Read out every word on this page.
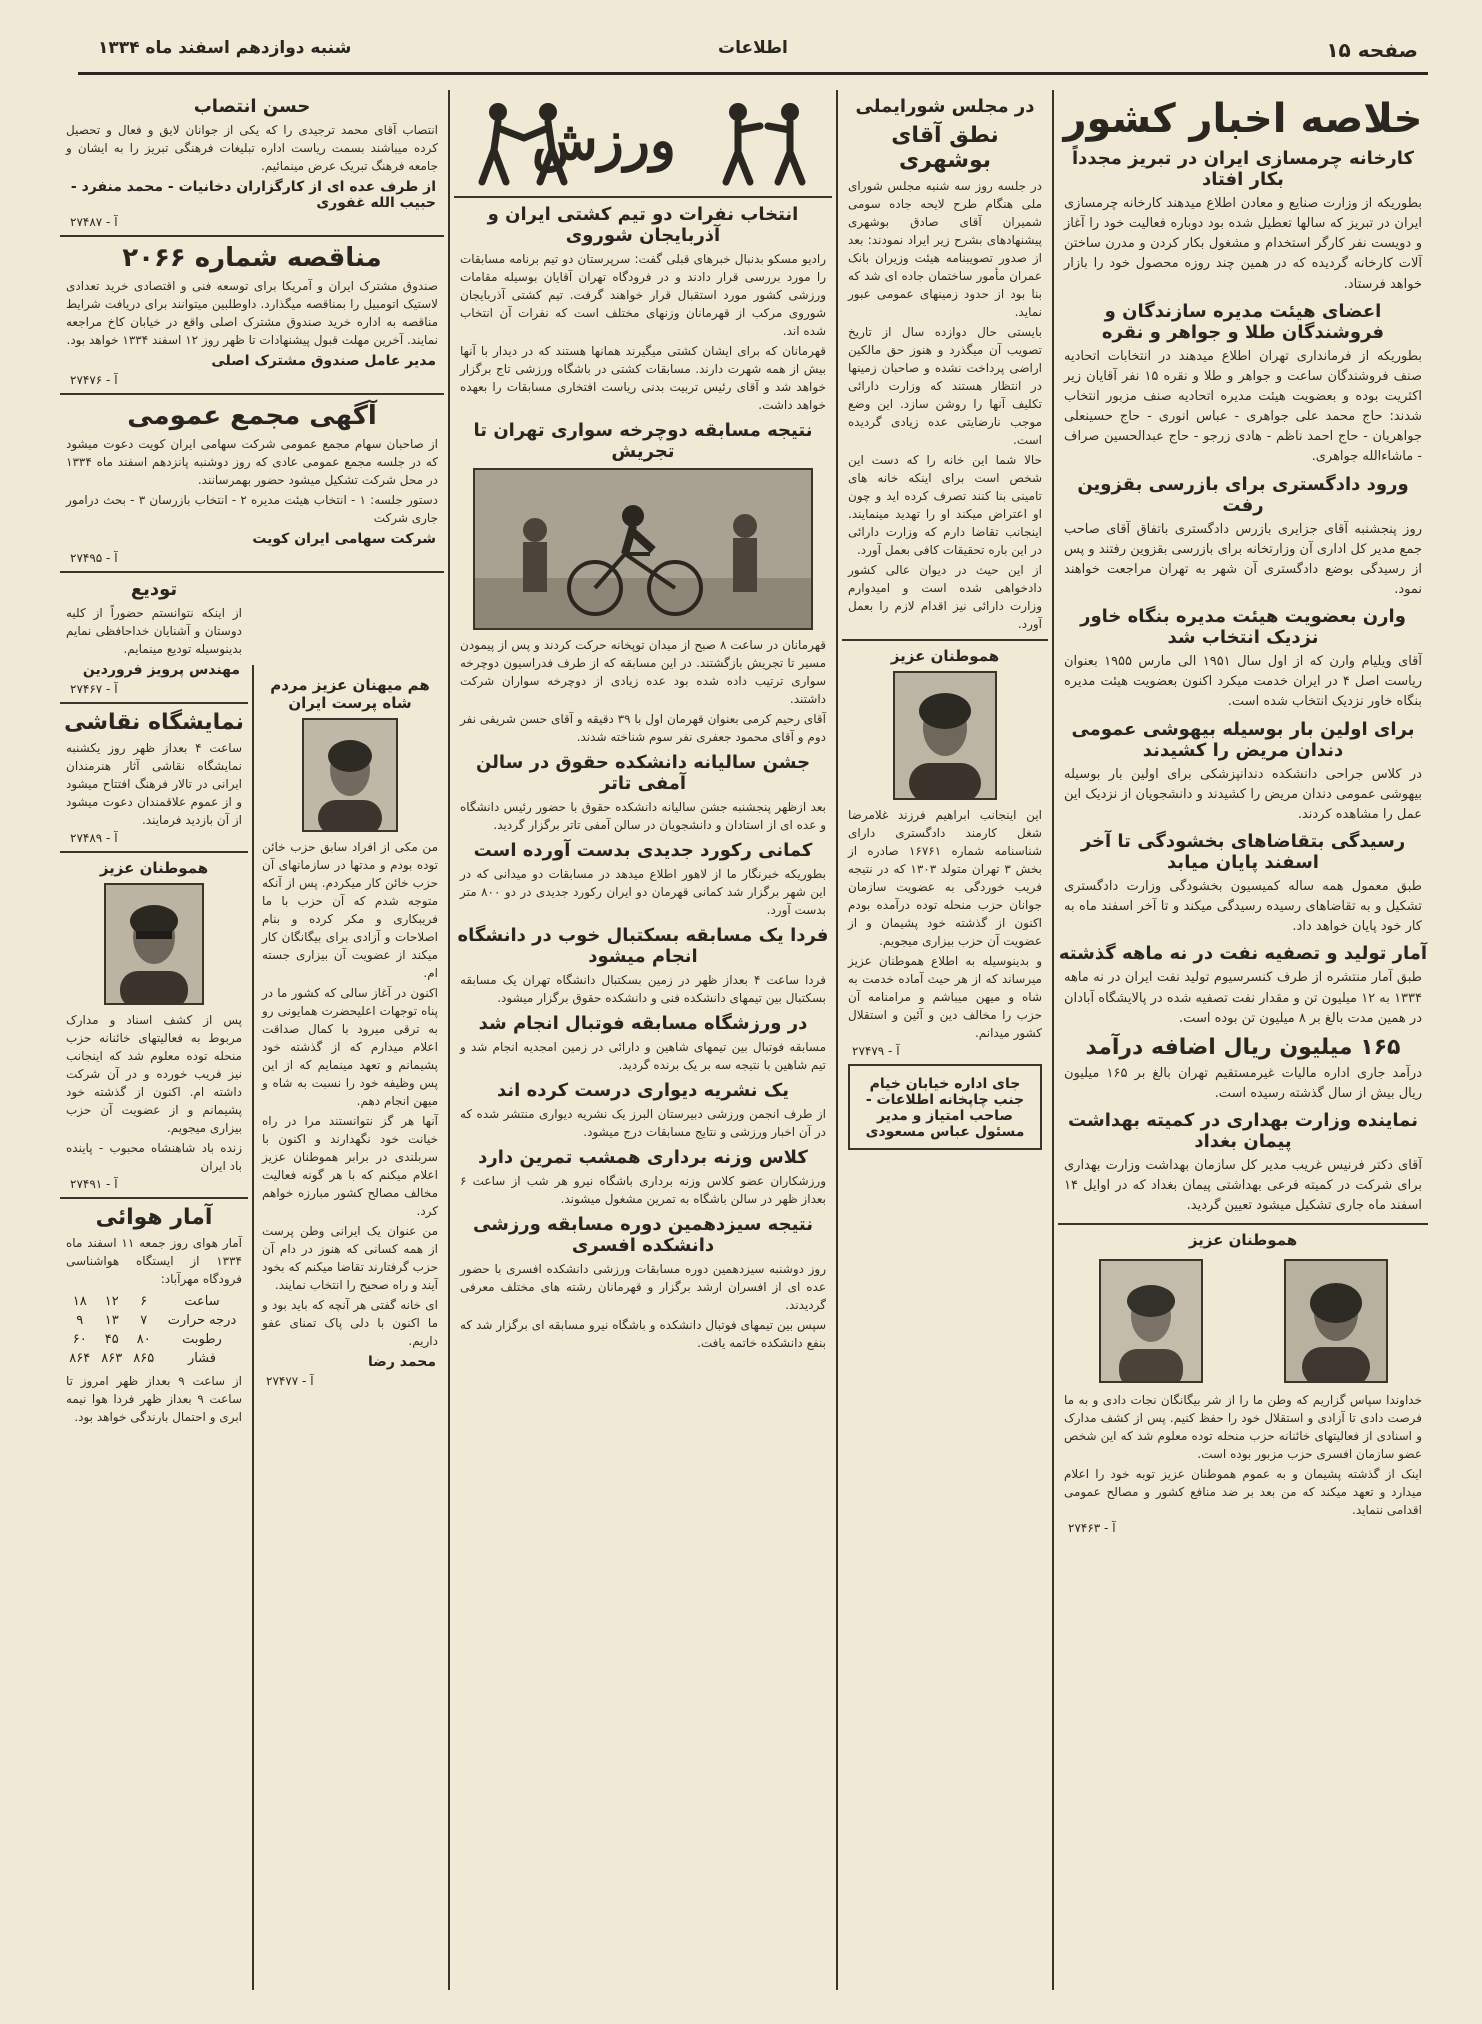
شنبه دوازدهم اسفند ماه ۱۳۳۴	اطلاعات	صفحه ۱۵
خلاصه اخبار کشور
کارخانه چرمسازی ایران در تبریز مجدداً بکار افتاد
بطوریکه از وزارت صنایع و معادن اطلاع میدهند کارخانه چرمسازی ایران در تبریز که سالها تعطیل شده بود دوباره فعالیت خود را آغاز و دویست نفر کارگر استخدام و مشغول بکار کردن و مدرن ساختن آلات کارخانه گردیده که در همین چند روزه محصول خود را بازار خواهد فرستاد.
اعضای هیئت مدیره سازندگان و فروشندگان طلا و جواهر و نقره
بطوریکه از فرمانداری تهران اطلاع میدهند در انتخابات اتحادیه صنف فروشندگان ساعت و جواهر و طلا و نقره ۱۵ نفر آقایان زیر اکثریت بوده و بعضویت هیئت مدیره اتحادیه صنف مزبور انتخاب شدند: حاج محمد علی جواهری - عباس انوری - حاج حسینعلی جواهریان - حاج احمد ناظم - هادی زرجو - حاج عبدالحسین صراف - ماشاءالله جواهری.
ورود دادگستری برای بازرسی بقزوین رفت
روز پنجشنبه آقای جزایری بازرس دادگستری باتفاق آقای صاحب جمع مدیر کل اداری آن وزارتخانه برای بازرسی بقزوین رفتند و پس از رسیدگی بوضع دادگستری آن شهر به تهران مراجعت خواهند نمود.
وارن بعضویت هیئت مدیره بنگاه خاور نزدیک انتخاب شد
آقای ویلیام وارن که از اول سال ۱۹۵۱ الی مارس ۱۹۵۵ بعنوان ریاست اصل ۴ در ایران خدمت میکرد اکنون بعضویت هیئت مدیره بنگاه خاور نزدیک انتخاب شده است.
برای اولین بار بوسیله بیهوشی عمومی دندان مریض را کشیدند
در کلاس جراحی دانشکده دندانپزشکی برای اولین بار بوسیله بیهوشی عمومی دندان مریض را کشیدند و دانشجویان از نزدیک این عمل را مشاهده کردند.
رسیدگی بتقاضاهای بخشودگی تا آخر اسفند پایان میابد
طبق معمول همه ساله کمیسیون بخشودگی وزارت دادگستری تشکیل و به تقاضاهای رسیده رسیدگی میکند و تا آخر اسفند ماه به کار خود پایان خواهد داد.
آمار تولید و تصفیه نفت در نه ماهه گذشته
طبق آمار منتشره از طرف کنسرسیوم تولید نفت ایران در نه ماهه ۱۳۳۴ به ۱۲ میلیون تن و مقدار نفت تصفیه شده در پالایشگاه آبادان در همین مدت بالغ بر ۸ میلیون تن بوده است.
۱۶۵ میلیون ریال اضافه درآمد
درآمد جاری اداره مالیات غیرمستقیم تهران بالغ بر ۱۶۵ میلیون ریال بیش از سال گذشته رسیده است.
نماینده وزارت بهداری در کمیته بهداشت پیمان بغداد
آقای دکتر فرنیس غریب مدیر کل سازمان بهداشت وزارت بهداری برای شرکت در کمیته فرعی بهداشتی پیمان بغداد که در اوایل ۱۴ اسفند ماه جاری تشکیل میشود تعیین گردید.
هموطنان عزیز
خداوندا سپاس گزاریم که وطن ما را از شر بیگانگان نجات دادی و به ما فرصت دادی تا آزادی و استقلال خود را حفظ کنیم. پس از کشف مدارک و اسنادی از فعالیتهای خائنانه حزب منحله توده معلوم شد که این شخص عضو سازمان افسری حزب مزبور بوده است.
اینک از گذشته پشیمان و به عموم هموطنان عزیز توبه خود را اعلام میدارد و تعهد میکند که من بعد بر ضد منافع کشور و مصالح عمومی اقدامی ننماید.
آ - ۲۷۴۶۳
در مجلس شورایملی
نطق آقای بوشهری
در جلسه روز سه شنبه مجلس شورای ملی هنگام طرح لایحه جاده سومی شمیران آقای صادق بوشهری پیشنهادهای بشرح زیر ایراد نمودند: بعد از صدور تصویبنامه هیئت وزیران بانک عمران مأمور ساختمان جاده ای شد که بنا بود از حدود زمینهای عمومی عبور نماید.
بایستی حال دوازده سال از تاریخ تصویب آن میگذرد و هنوز حق مالکین اراضی پرداخت نشده و صاحبان زمینها در انتظار هستند که وزارت دارائی تکلیف آنها را روشن سازد. این وضع موجب نارضایتی عده زیادی گردیده است.
حالا شما این خانه را که دست این شخص است برای اینکه خانه های تامینی بنا کنند تصرف کرده اید و چون او اعتراض میکند او را تهدید مینمایند. اینجانب تقاضا دارم که وزارت دارائی در این باره تحقیقات کافی بعمل آورد.
از این حیث در دیوان عالی کشور دادخواهی شده است و امیدوارم وزارت دارائی نیز اقدام لازم را بعمل آورد.
هموطنان عزیز
این اینجانب ابراهیم فرزند غلامرضا شغل کارمند دادگستری دارای شناسنامه شماره ۱۶۷۶۱ صادره از بخش ۳ تهران متولد ۱۳۰۳ که در نتیجه فریب خوردگی به عضویت سازمان جوانان حزب منحله توده درآمده بودم اکنون از گذشته خود پشیمان و از عضویت آن حزب بیزاری میجویم.
و بدینوسیله به اطلاع هموطنان عزیز میرساند که از هر حیث آماده خدمت به شاه و میهن میباشم و مرامنامه آن حزب را مخالف دین و آئین و استقلال کشور میدانم.
آ - ۲۷۴۷۹
جای اداره خیابان خیام جنب چاپخانه اطلاعات - صاحب امتیاز و مدیر مسئول عباس مسعودی
ورزش
انتخاب نفرات دو تیم کشتی ایران و آذربایجان شوروی
رادیو مسکو بدنبال خبرهای قبلی گفت: سرپرستان دو تیم برنامه مسابقات را مورد بررسی قرار دادند و در فرودگاه تهران آقایان بوسیله مقامات ورزشی کشور مورد استقبال قرار خواهند گرفت. تیم کشتی آذربایجان شوروی مرکب از قهرمانان وزنهای مختلف است که نفرات آن انتخاب شده اند.
قهرمانان که برای ایشان کشتی میگیرند همانها هستند که در دیدار با آنها بیش از همه شهرت دارند. مسابقات کشتی در باشگاه ورزشی تاج برگزار خواهد شد و آقای رئیس تربیت بدنی ریاست افتخاری مسابقات را بعهده خواهد داشت.
نتیجه مسابقه دوچرخه سواری تهران تا تجریش
قهرمانان در ساعت ۸ صبح از میدان توپخانه حرکت کردند و پس از پیمودن مسیر تا تجریش بازگشتند. در این مسابقه که از طرف فدراسیون دوچرخه سواری ترتیب داده شده بود عده زیادی از دوچرخه سواران شرکت داشتند.
آقای رحیم کرمی بعنوان قهرمان اول با ۳۹ دقیقه و آقای حسن شریفی نفر دوم و آقای محمود جعفری نفر سوم شناخته شدند.
جشن سالیانه دانشکده حقوق در سالن آمفی تاتر
بعد ازظهر پنجشنبه جشن سالیانه دانشکده حقوق با حضور رئیس دانشگاه و عده ای از استادان و دانشجویان در سالن آمفی تاتر برگزار گردید.
کمانی رکورد جدیدی بدست آورده است
بطوریکه خبرنگار ما از لاهور اطلاع میدهد در مسابقات دو میدانی که در این شهر برگزار شد کمانی قهرمان دو ایران رکورد جدیدی در دو ۸۰۰ متر بدست آورد.
فردا یک مسابقه بسکتبال خوب در دانشگاه انجام میشود
فردا ساعت ۴ بعداز ظهر در زمین بسکتبال دانشگاه تهران یک مسابقه بسکتبال بین تیمهای دانشکده فنی و دانشکده حقوق برگزار میشود.
در ورزشگاه مسابقه فوتبال انجام شد
مسابقه فوتبال بین تیمهای شاهین و دارائی در زمین امجدیه انجام شد و تیم شاهین با نتیجه سه بر یک برنده گردید.
یک نشریه دیواری درست کرده اند
از طرف انجمن ورزشی دبیرستان البرز یک نشریه دیواری منتشر شده که در آن اخبار ورزشی و نتایج مسابقات درج میشود.
کلاس وزنه برداری همشب تمرین دارد
ورزشکاران عضو کلاس وزنه برداری باشگاه نیرو هر شب از ساعت ۶ بعداز ظهر در سالن باشگاه به تمرین مشغول میشوند.
نتیجه سیزدهمین دوره مسابقه ورزشی دانشکده افسری
روز دوشنبه سیزدهمین دوره مسابقات ورزشی دانشکده افسری با حضور عده ای از افسران ارشد برگزار و قهرمانان رشته های مختلف معرفی گردیدند.
سپس بین تیمهای فوتبال دانشکده و باشگاه نیرو مسابقه ای برگزار شد که بنفع دانشکده خاتمه یافت.
هم میهنان عزیز مردم شاه پرست ایران
من مکی از افراد سابق حزب خائن توده بودم و مدتها در سازمانهای آن حزب خائن کار میکردم. پس از آنکه متوجه شدم که آن حزب با ما فریبکاری و مکر کرده و بنام اصلاحات و آزادی برای بیگانگان کار میکند از عضویت آن بیزاری جسته ام.
اکنون در آغاز سالی که کشور ما در پناه توجهات اعلیحضرت همایونی رو به ترقی میرود با کمال صداقت اعلام میدارم که از گذشته خود پشیمانم و تعهد مینمایم که از این پس وظیفه خود را نسبت به شاه و میهن انجام دهم.
آنها هر گز نتوانستند مرا در راه خیانت خود نگهدارند و اکنون با سربلندی در برابر هموطنان عزیز اعلام میکنم که با هر گونه فعالیت مخالف مصالح کشور مبارزه خواهم کرد.
من عنوان یک ایرانی وطن پرست از همه کسانی که هنوز در دام آن حزب گرفتارند تقاضا میکنم که بخود آیند و راه صحیح را انتخاب نمایند.
ای خانه گفتی هر آنچه که باید بود و ما اکنون با دلی پاک تمنای عفو داریم.
محمد رضا
آ - ۲۷۴۷۷
حسن انتصاب
انتصاب آقای محمد ترجیدی را که یکی از جوانان لایق و فعال و تحصیل کرده میباشند بسمت ریاست اداره تبلیغات فرهنگی تبریز را به ایشان و جامعه فرهنگ تبریک عرض مینمائیم.
از طرف عده ای از کارگزاران دخانیات - محمد منفرد - حبیب الله غفوری
آ - ۲۷۴۸۷
مناقصه شماره ۲۰۶۶
صندوق مشترک ایران و آمریکا برای توسعه فنی و اقتصادی خرید تعدادی لاستیک اتومبیل را بمناقصه میگذارد. داوطلبین میتوانند برای دریافت شرایط مناقصه به اداره خرید صندوق مشترک اصلی واقع در خیابان کاخ مراجعه نمایند. آخرین مهلت قبول پیشنهادات تا ظهر روز ۱۲ اسفند ۱۳۳۴ خواهد بود.
مدیر عامل صندوق مشترک اصلی
آ - ۲۷۴۷۶
آگهی مجمع عمومی
از صاحبان سهام مجمع عمومی شرکت سهامی ایران کویت دعوت میشود که در جلسه مجمع عمومی عادی که روز دوشنبه پانزدهم اسفند ماه ۱۳۳۴ در محل شرکت تشکیل میشود حضور بهمرسانند.
دستور جلسه: ۱ - انتخاب هیئت مدیره ۲ - انتخاب بازرسان ۳ - بحث درامور جاری شرکت
شرکت سهامی ایران کویت
آ - ۲۷۴۹۵
تودیع
از اینکه نتوانستم حضوراً از کلیه دوستان و آشنایان خداحافظی نمایم بدینوسیله تودیع مینمایم.
مهندس پرویز فروردین
آ - ۲۷۴۶۷
نمایشگاه نقاشی
ساعت ۴ بعداز ظهر روز یکشنبه نمایشگاه نقاشی آثار هنرمندان ایرانی در تالار فرهنگ افتتاح میشود و از عموم علاقمندان دعوت میشود از آن بازدید فرمایند.
آ - ۲۷۴۸۹
هموطنان عزیز
پس از کشف اسناد و مدارک مربوط به فعالیتهای خائنانه حزب منحله توده معلوم شد که اینجانب نیز فریب خورده و در آن شرکت داشته ام. اکنون از گذشته خود پشیمانم و از عضویت آن حزب بیزاری میجویم.
زنده باد شاهنشاه محبوب - پاینده باد ایران
آ - ۲۷۴۹۱
آمار هوائی
آمار هوای روز جمعه ۱۱ اسفند ماه ۱۳۳۴ از ایستگاه هواشناسی فرودگاه مهرآباد:
ساعت	۶	۱۲	۱۸
درجه حرارت	۷	۱۳	۹
رطوبت	۸۰	۴۵	۶۰
فشار	۸۶۵	۸۶۳	۸۶۴
از ساعت ۹ بعداز ظهر امروز تا ساعت ۹ بعداز ظهر فردا هوا نیمه ابری و احتمال بارندگی خواهد بود.
